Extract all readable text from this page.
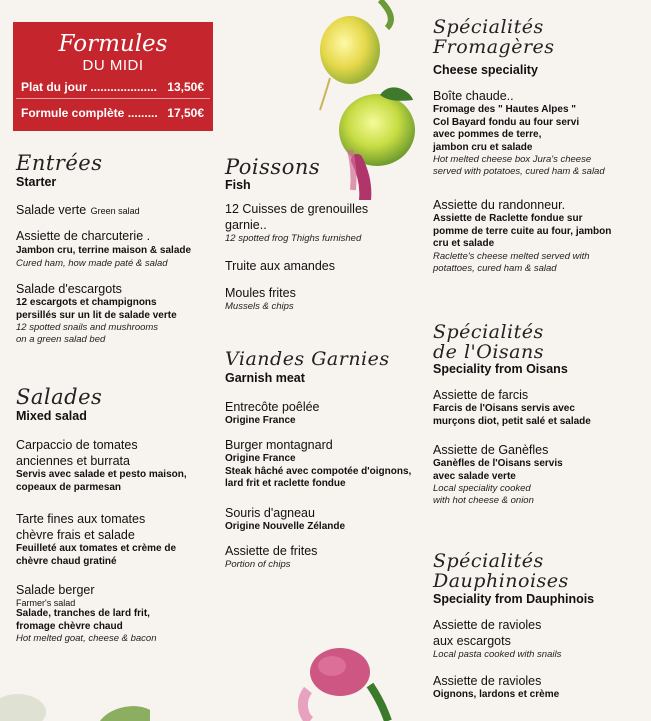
Formules
DU MIDI
Plat du jour .................... 13,50€
Formule complète ......... 17,50€
Entrées
Starter
Salade verte Green salad
Assiette de charcuterie .
Jambon cru, terrine maison & salade
Cured ham, how made paté & salad
Salade d'escargots
12 escargots et champignons
persillés sur un lit de salade verte
12 spotted snails and mushrooms
on a green salad bed
Salades
Mixed salad
Carpaccio de tomates
anciennes et burrata
Servis avec salade et pesto maison,
copeaux de parmesan
Tarte fines aux tomates
chèvre frais et salade
Feuilleté aux tomates et crème de
chèvre chaud gratiné
Salade berger
Farmer's salad
Salade, tranches de lard frit,
fromage chèvre chaud
Hot melted goat, cheese & bacon
Poissons
Fish
12 Cuisses de grenouilles
garnie..
12 spotted frog Thighs furnished
Truite aux amandes
Moules frites
Mussels & chips
Viandes Garnies
Garnish meat
Entrecôte poêlée
Origine France
Burger montagnard
Origine France
Steak hâché avec compotée d'oignons,
lard frit et raclette fondue
Souris d'agneau
Origine Nouvelle Zélande
Assiette de frites
Portion of chips
Spécialités
Fromagères
Cheese speciality
Boîte chaude..
Fromage des " Hautes Alpes "
Col Bayard fondu au four servi
avec pommes de terre,
jambon cru et salade
Hot melted cheese box Jura's cheese
served with potatoes, cured ham & salad
Assiette du randonneur.
Assiette de Raclette fondue sur
pomme de terre cuite au four, jambon
cru et salade
Raclette's cheese melted served with
potattoes, cured ham & salad
Spécialités
de l'Oisans
Speciality from Oisans
Assiette de farcis
Farcis de l'Oisans servis avec
murçons diot, petit salé et salade
Assiette de Ganèfles
Ganèfles de l'Oisans servis
avec salade verte
Local speciality cooked
with hot cheese & onion
Spécialités
Dauphinoises
Speciality from Dauphinois
Assiette de ravioles
aux escargots
Local pasta cooked with snails
Assiette de ravioles
Oignons, lardons et crème
